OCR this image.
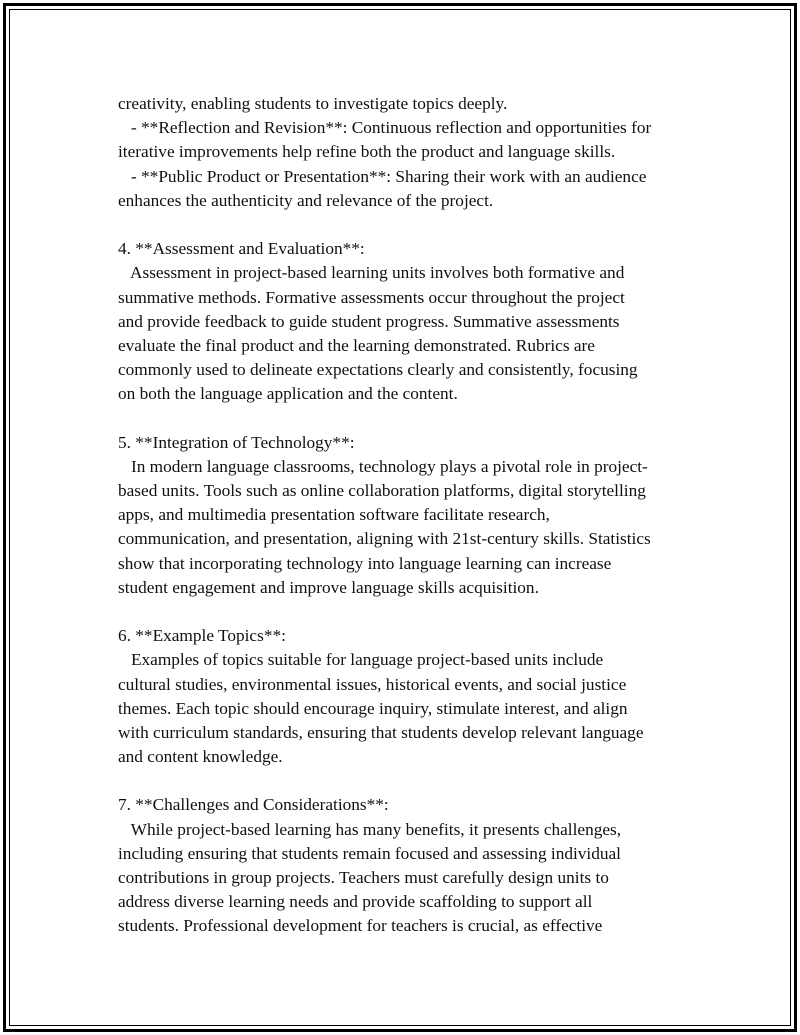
creativity, enabling students to investigate topics deeply.
- **Reflection and Revision**: Continuous reflection and opportunities for
iterative improvements help refine both the product and language skills.
- **Public Product or Presentation**: Sharing their work with an audience
enhances the authenticity and relevance of the project.
4. **Assessment and Evaluation**:
Assessment in project-based learning units involves both formative and
summative methods. Formative assessments occur throughout the project
and provide feedback to guide student progress. Summative assessments
evaluate the final product and the learning demonstrated. Rubrics are
commonly used to delineate expectations clearly and consistently, focusing
on both the language application and the content.
5. **Integration of Technology**:
In modern language classrooms, technology plays a pivotal role in project-
based units. Tools such as online collaboration platforms, digital storytelling
apps, and multimedia presentation software facilitate research,
communication, and presentation, aligning with 21st-century skills. Statistics
show that incorporating technology into language learning can increase
student engagement and improve language skills acquisition.
6. **Example Topics**:
Examples of topics suitable for language project-based units include
cultural studies, environmental issues, historical events, and social justice
themes. Each topic should encourage inquiry, stimulate interest, and align
with curriculum standards, ensuring that students develop relevant language
and content knowledge.
7. **Challenges and Considerations**:
While project-based learning has many benefits, it presents challenges,
including ensuring that students remain focused and assessing individual
contributions in group projects. Teachers must carefully design units to
address diverse learning needs and provide scaffolding to support all
students. Professional development for teachers is crucial, as effective
